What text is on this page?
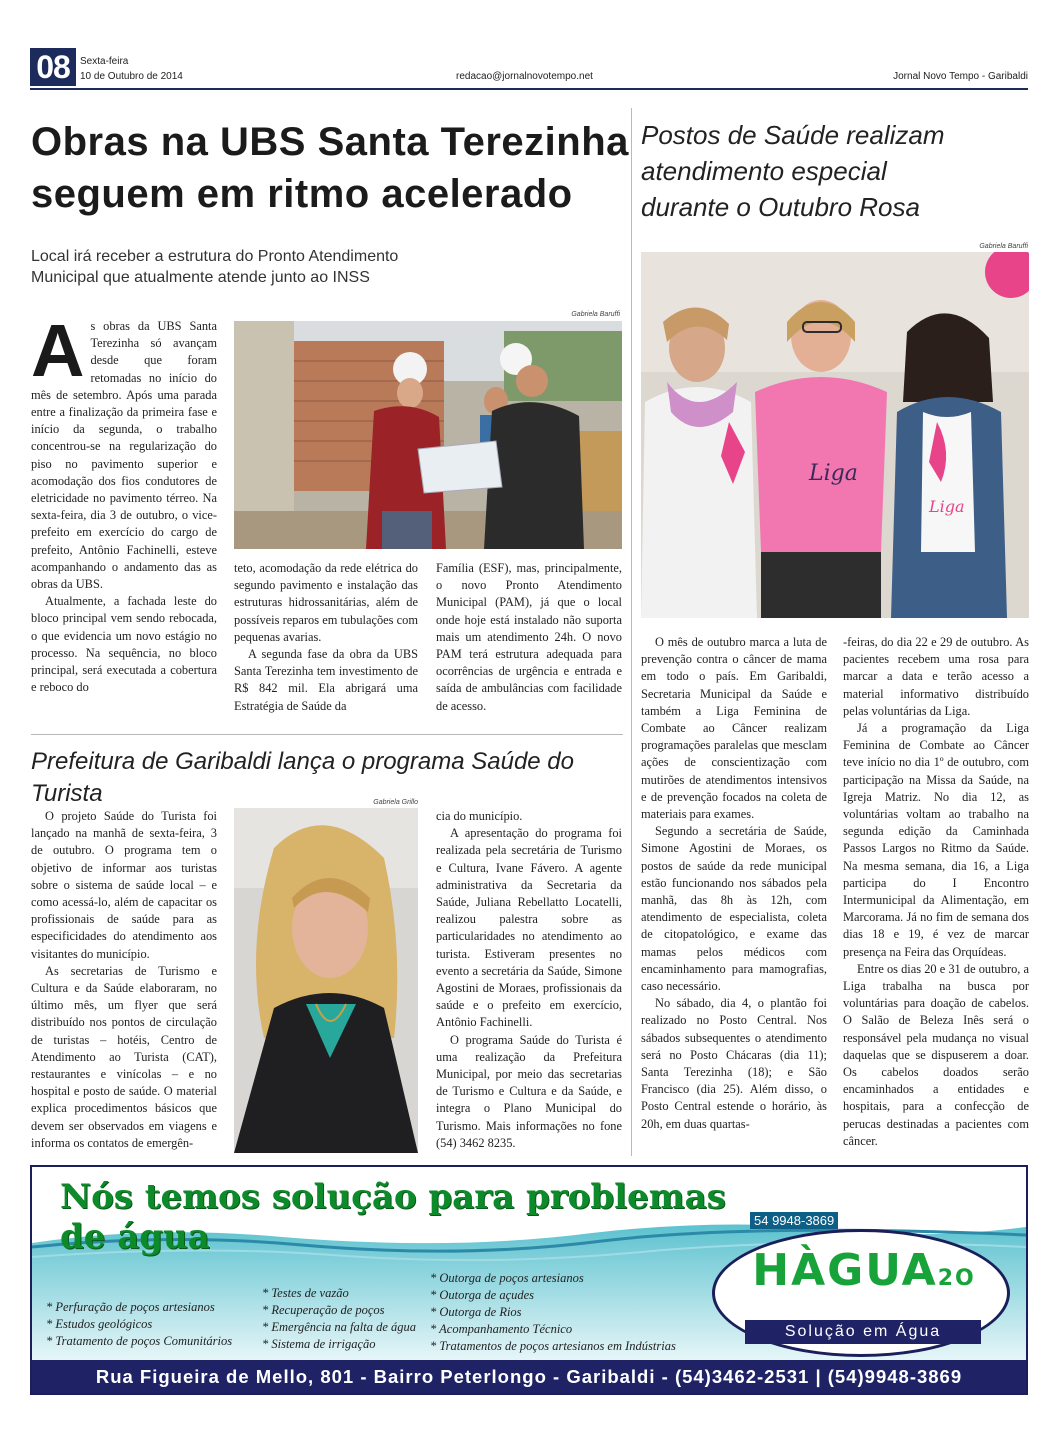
08	Sexta-feira
10 de Outubro de 2014	redacao@jornalnovotempo.net	Jornal Novo Tempo - Garibaldi
Obras na UBS Santa Terezinha
seguem em ritmo acelerado
Local irá receber a estrutura do Pronto Atendimento
Municipal que atualmente atende junto ao INSS
A s obras da UBS Santa Terezinha só avançam desde que foram retomadas no início do mês de setembro. Após uma parada entre a finalização da primeira fase e início da segunda, o trabalho concentrou-se na regularização do piso no pavimento superior e acomodação dos fios condutores de eletricidade no pavimento térreo. Na sexta-feira, dia 3 de outubro, o vice-prefeito em exercício do cargo de prefeito, Antônio Fachinelli, esteve acompanhando o andamento das as obras da UBS.

Atualmente, a fachada leste do bloco principal vem sendo rebocada, o que evidencia um novo estágio no processo. Na sequência, no bloco principal, será executada a cobertura e reboco do

Gabriela Baruffi

teto, acomodação da rede elétrica do segundo pavimento e instalação das estruturas hidrossanitárias, além de possíveis reparos em tubulações com pequenas avarias.

A segunda fase da obra da UBS Santa Terezinha tem investimento de R$ 842 mil. Ela abrigará uma Estratégia de Saúde da

Família (ESF), mas, principalmente, o novo Pronto Atendimento Municipal (PAM), já que o local onde hoje está instalado não suporta mais um atendimento 24h. O novo PAM terá estrutura adequada para ocorrências de urgência e entrada e saída de ambulâncias com facilidade de acesso.

Prefeitura de Garibaldi lança o programa Saúde do Turista

O projeto Saúde do Turista foi lançado na manhã de sexta-feira, 3 de outubro. O programa tem o objetivo de informar aos turistas sobre o sistema de saúde local – e como acessá-lo, além de capacitar os profissionais de saúde para as especificidades do atendimento aos visitantes do município.

As secretarias de Turismo e Cultura e da Saúde elaboraram, no último mês, um flyer que será distribuído nos pontos de circulação de turistas – hotéis, Centro de Atendimento ao Turista (CAT), restaurantes e vinícolas – e no hospital e posto de saúde. O material explica procedimentos básicos que devem ser observados em viagens e informa os contatos de emergên-

Gabriela Grillo

cia do município.

A apresentação do programa foi realizada pela secretária de Turismo e Cultura, Ivane Fávero. A agente administrativa da Secretaria da Saúde, Juliana Rebellatto Locatelli, realizou palestra sobre as particularidades no atendimento ao turista. Estiveram presentes no evento a secretária da Saúde, Simone Agostini de Moraes, profissionais da saúde e o prefeito em exercício, Antônio Fachinelli.

O programa Saúde do Turista é uma realização da Prefeitura Municipal, por meio das secretarias de Turismo e Cultura e da Saúde, e integra o Plano Municipal do Turismo. Mais informações no fone (54) 3462 8235.

Postos de Saúde realizam
atendimento especial
durante o Outubro Rosa
Gabriela Baruffi
Liga
Liga

O mês de outubro marca a luta de prevenção contra o câncer de mama em todo o país. Em Garibaldi, Secretaria Municipal da Saúde e também a Liga Feminina de Combate ao Câncer realizam programações paralelas que mesclam ações de conscientização com mutirões de atendimentos intensivos e de prevenção focados na coleta de materiais para exames.

Segundo a secretária de Saúde, Simone Agostini de Moraes, os postos de saúde da rede municipal estão funcionando nos sábados pela manhã, das 8h às 12h, com atendimento de especialista, coleta de citopatológico, e exame das mamas pelos médicos com encaminhamento para mamografias, caso necessário.

No sábado, dia 4, o plantão foi realizado no Posto Central. Nos sábados subsequentes o atendimento será no Posto Chácaras (dia 11); Santa Terezinha (18); e São Francisco (dia 25). Além disso, o Posto Central estende o horário, às 20h, em duas quartas-

-feiras, do dia 22 e 29 de outubro. As pacientes recebem uma rosa para marcar a data e terão acesso a material informativo distribuído pelas voluntárias da Liga.

Já a programação da Liga Feminina de Combate ao Câncer teve início no dia 1º de outubro, com participação na Missa da Saúde, na Igreja Matriz. No dia 12, as voluntárias voltam ao trabalho na segunda edição da Caminhada Passos Largos no Ritmo da Saúde. Na mesma semana, dia 16, a Liga participa do I Encontro Intermunicipal da Alimentação, em Marcorama. Já no fim de semana dos dias 18 e 19, é vez de marcar presença na Feira das Orquídeas.

Entre os dias 20 e 31 de outubro, a Liga trabalha na busca por voluntárias para doação de cabelos. O Salão de Beleza Inês será o responsável pela mudança no visual daquelas que se dispuserem a doar. Os cabelos doados serão encaminhados a entidades e hospitais, para a confecção de perucas destinadas a pacientes com câncer.

Nós temos solução para problemas de água	54 9948-3869
* Perfuração de poços artesianos
* Estudos geológicos
* Tratamento de poços Comunitários
* Testes de vazão
* Recuperação de poços
* Emergência na falta de água
* Sistema de irrigação
* Outorga de poços artesianos
* Outorga de açudes
* Outorga de Rios
* Acompanhamento Técnico
* Tratamentos de poços artesianos em Indústrias
HÀGUA2O
Solução em Água
Rua Figueira de Mello, 801 - Bairro Peterlongo - Garibaldi - (54)3462-2531 | (54)9948-3869
